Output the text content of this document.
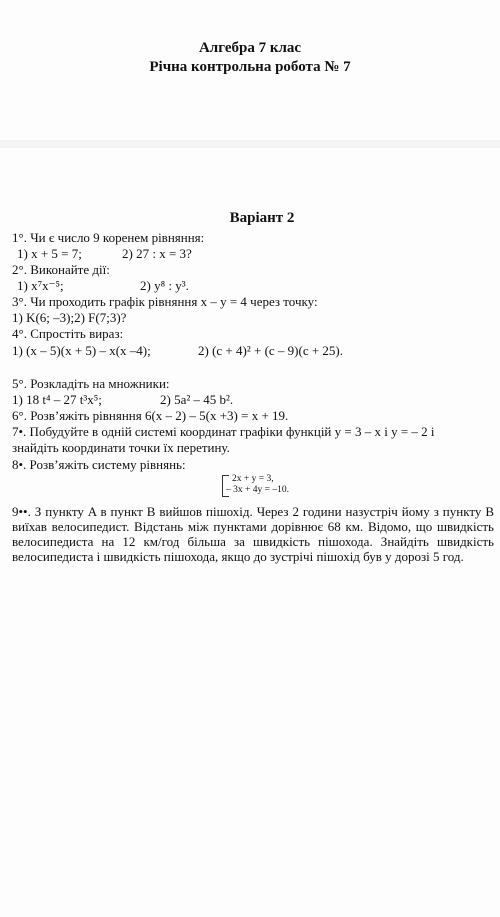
Алгебра 7 клас
Річна контрольна робота № 7
Варіант 2
1°. Чи є число 9 коренем рівняння:
1) x + 5 = 7;	2) 27 : x = 3?
2°. Виконайте дії:
1) x⁷x⁻⁵;	2) y⁸ : y³.
3°. Чи проходить графік рівняння x – y = 4 через точку:
1) K(6; –3);2) F(7;3)?
4°. Спростіть вираз:
1) (x – 5)(x + 5) – x(x –4);	2) (c + 4)² + (c – 9)(c + 25).
5°. Розкладіть на множники:
1) 18 t⁴ – 27 t³x⁵;	2) 5a² – 45 b².
6°. Розв’яжіть рівняння 6(x – 2) – 5(x +3) = x + 19.
7•. Побудуйте в одній системі координат графіки функцій y = 3 – x і y = – 2 і
знайдіть координати точки їх перетину.
8•. Розв’яжіть систему рівнянь:
2x + y = 3,
– 3x + 4y = –10.
9••. З пункту A в пункт B вийшов пішохід. Через 2 години назустріч йому з пункту B виїхав велосипедист. Відстань між пунктами дорівнює 68 км. Відомо, що швидкість велосипедиста на 12 км/год більша за швидкість пішохода. Знайдіть швидкість велосипедиста і швидкість пішохода, якщо до зустрічі пішохід був у дорозі 5 год.
